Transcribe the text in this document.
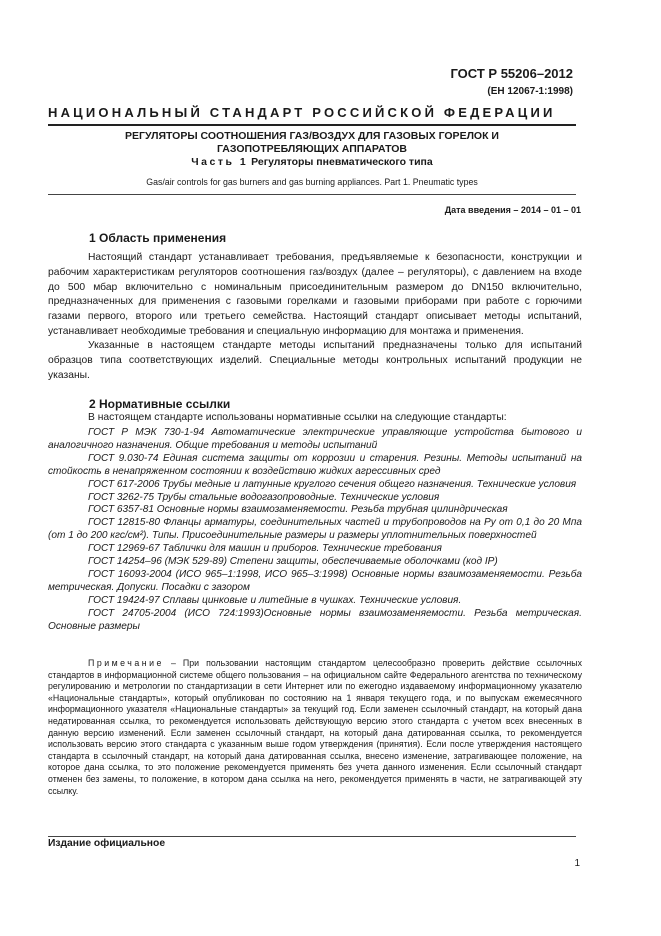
ГОСТ Р 55206–2012

(ЕН 12067-1:1998)

НАЦИОНАЛЬНЫЙ СТАНДАРТ РОССИЙСКОЙ ФЕДЕРАЦИИ

РЕГУЛЯТОРЫ СООТНОШЕНИЯ ГАЗ/ВОЗДУХ ДЛЯ ГАЗОВЫХ ГОРЕЛОК И
ГАЗОПОТРЕБЛЯЮЩИХ АППАРАТОВ

Часть 1 Регуляторы пневматического типа

Gas/air controls for gas burners and gas burning appliances. Part 1. Pneumatic types

Дата введения – 2014 – 01 – 01

1 Область применения

Настоящий стандарт устанавливает требования, предъявляемые к безопасности, конструкции и рабочим характеристикам регуляторов соотношения газ/воздух (далее – регуляторы), с давлением на входе до 500 мбар включительно с номинальным присоединительным размером до DN150 включительно, предназначенных для применения с газовыми горелками и газовыми приборами при работе с горючими газами первого, второго или третьего семейства. Настоящий стандарт описывает методы испытаний, устанавливает необходимые требования и специальную информацию для монтажа и применения.

Указанные в настоящем стандарте методы испытаний предназначены только для испытаний образцов типа соответствующих изделий. Специальные методы контрольных испытаний продукции не указаны.

2 Нормативные ссылки

В настоящем стандарте использованы нормативные ссылки на следующие стандарты:

ГОСТ Р МЭК 730-1-94 Автоматические электрические управляющие устройства бытового и аналогичного назначения. Общие требования и методы испытаний

ГОСТ 9.030-74 Единая система защиты от коррозии и старения. Резины. Методы испытаний на стойкость в ненапряженном состоянии к воздействию жидких агрессивных сред

ГОСТ 617-2006 Трубы медные и латунные круглого сечения общего назначения. Технические условия

ГОСТ 3262-75 Трубы стальные водогазопроводные. Технические условия

ГОСТ 6357-81 Основные нормы взаимозаменяемости. Резьба трубная цилиндрическая

ГОСТ 12815-80 Фланцы арматуры, соединительных частей и трубопроводов на Py от 0,1 до 20 Мпа (от 1 до 200 кгс/см²). Типы. Присоединительные размеры и размеры уплотнительных поверхностей

ГОСТ 12969-67 Таблички для машин и приборов. Технические требования

ГОСТ 14254–96 (МЭК 529-89) Степени защиты, обеспечиваемые оболочками (код IP)

ГОСТ 16093-2004 (ИСО 965–1:1998, ИСО 965–3:1998) Основные нормы взаимозаменяемости. Резьба метрическая. Допуски. Посадки с зазором

ГОСТ 19424-97 Сплавы цинковые и литейные в чушках. Технические условия.

ГОСТ 24705-2004 (ИСО 724:1993)Основные нормы взаимозаменяемости. Резьба метрическая. Основные размеры

Примечание – При пользовании настоящим стандартом целесообразно проверить действие ссылочных стандартов в информационной системе общего пользования – на официальном сайте Федерального агентства по техническому регулированию и метрологии по стандартизации в сети Интернет или по ежегодно издаваемому информационному указателю «Национальные стандарты», который опубликован по состоянию на 1 января текущего года, и по выпускам ежемесячного информационного указателя «Национальные стандарты» за текущий год. Если заменен ссылочный стандарт, на который дана недатированная ссылка, то рекомендуется использовать действующую версию этого стандарта с учетом всех внесенных в данную версию изменений. Если заменен ссылочный стандарт, на который дана датированная ссылка, то рекомендуется использовать версию этого стандарта с указанным выше годом утверждения (принятия). Если после утверждения настоящего стандарта в ссылочный стандарт, на который дана датированная ссылка, внесено изменение, затрагивающее положение, на которое дана ссылка, то это положение рекомендуется применять без учета данного изменения. Если ссылочный стандарт отменен без замены, то положение, в котором дана ссылка на него, рекомендуется применять в части, не затрагивающей эту ссылку.

Издание официальное

1
